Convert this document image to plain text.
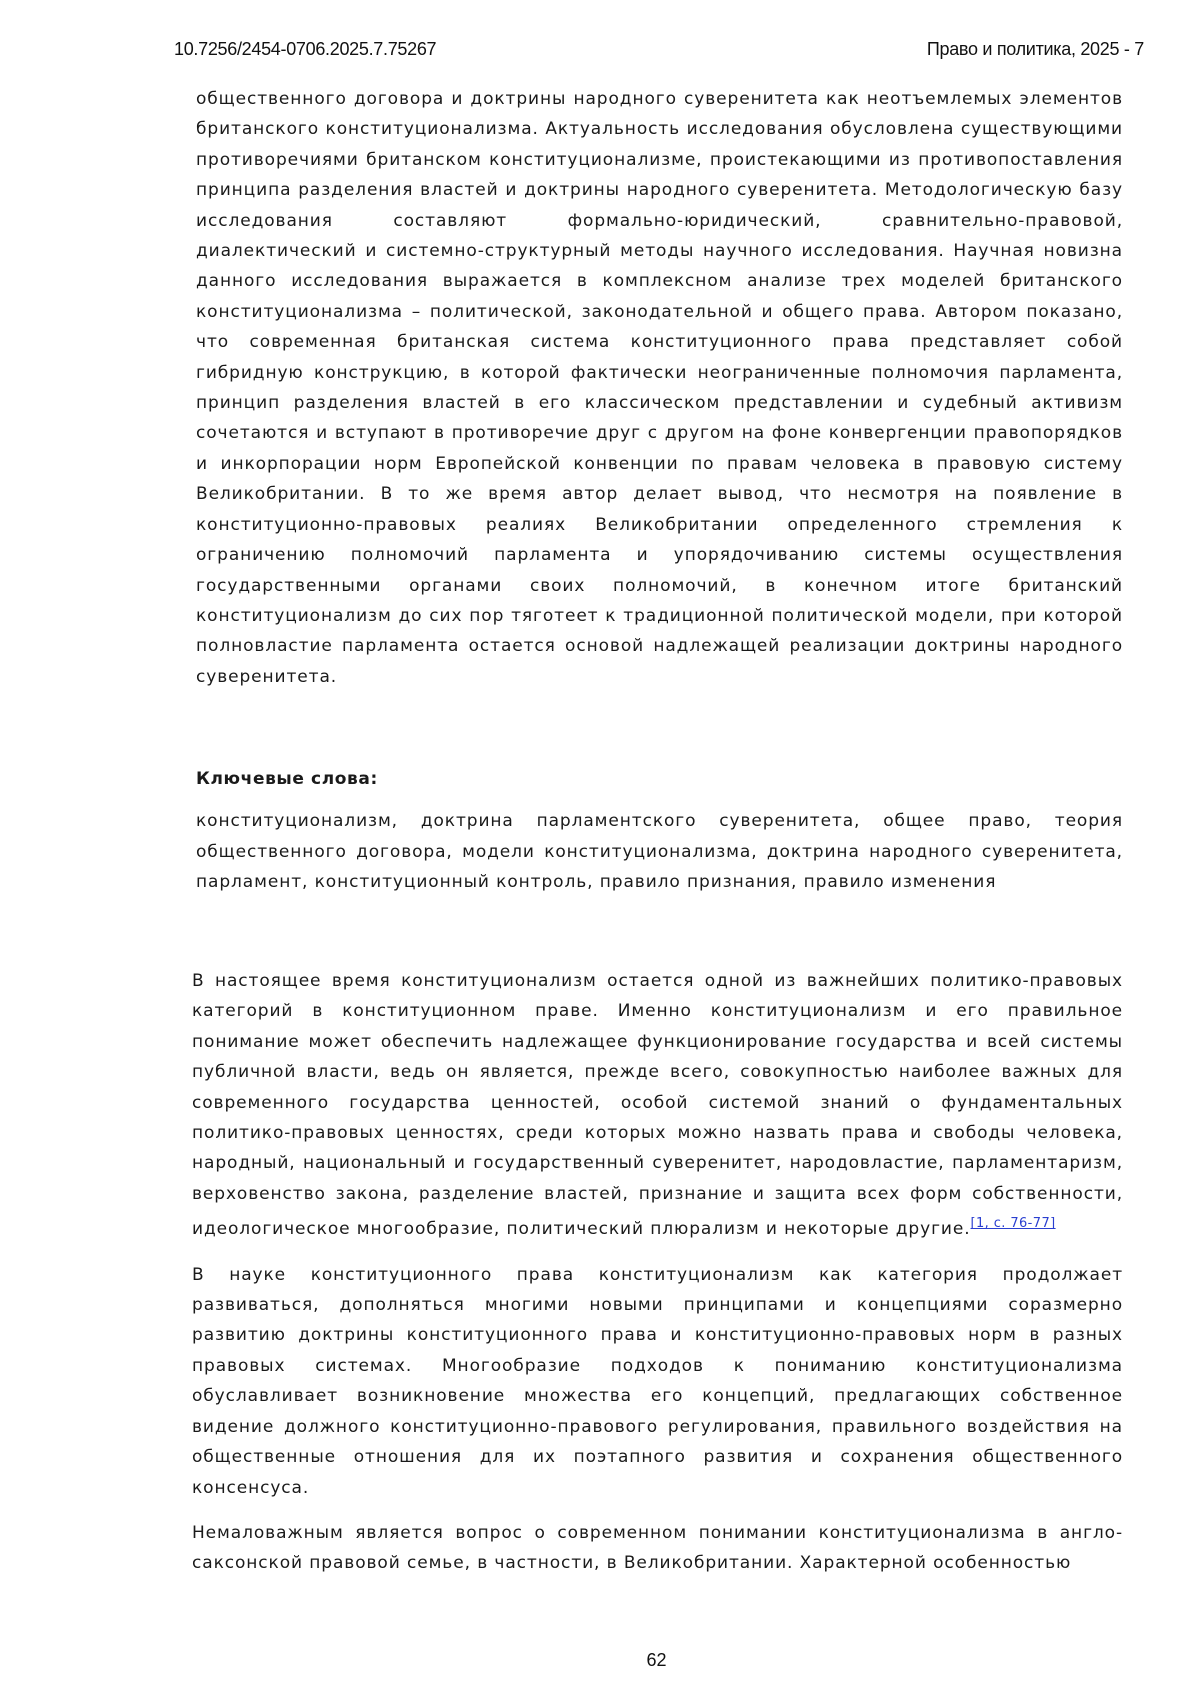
10.7256/2454-0706.2025.7.75267	Право и политика, 2025 - 7

общественного договора и доктрины народного суверенитета как неотъемлемых элементов британского конституционализма. Актуальность исследования обусловлена существующими противоречиями британском конституционализме, проистекающими из противопоставления принципа разделения властей и доктрины народного суверенитета. Методологическую базу исследования составляют формально-юридический, сравнительно-правовой, диалектический и системно-структурный методы научного исследования. Научная новизна данного исследования выражается в комплексном анализе трех моделей британского конституционализма – политической, законодательной и общего права. Автором показано, что современная британская система конституционного права представляет собой гибридную конструкцию, в которой фактически неограниченные полномочия парламента, принцип разделения властей в его классическом представлении и судебный активизм сочетаются и вступают в противоречие друг с другом на фоне конвергенции правопорядков и инкорпорации норм Европейской конвенции по правам человека в правовую систему Великобритании. В то же время автор делает вывод, что несмотря на появление в конституционно-правовых реалиях Великобритании определенного стремления к ограничению полномочий парламента и упорядочиванию системы осуществления государственными органами своих полномочий, в конечном итоге британский конституционализм до сих пор тяготеет к традиционной политической модели, при которой полновластие парламента остается основой надлежащей реализации доктрины народного суверенитета.

Ключевые слова:

конституционализм, доктрина парламентского суверенитета, общее право, теория общественного договора, модели конституционализма, доктрина народного суверенитета, парламент, конституционный контроль, правило признания, правило изменения

В настоящее время конституционализм остается одной из важнейших политико-правовых категорий в конституционном праве. Именно конституционализм и его правильное понимание может обеспечить надлежащее функционирование государства и всей системы публичной власти, ведь он является, прежде всего, совокупностью наиболее важных для современного государства ценностей, особой системой знаний о фундаментальных политико-правовых ценностях, среди которых можно назвать права и свободы человека, народный, национальный и государственный суверенитет, народовластие, парламентаризм, верховенство закона, разделение властей, признание и защита всех форм собственности, идеологическое многообразие, политический плюрализм и некоторые другие.[1, с. 76-77]

В науке конституционного права конституционализм как категория продолжает развиваться, дополняться многими новыми принципами и концепциями соразмерно развитию доктрины конституционного права и конституционно-правовых норм в разных правовых системах. Многообразие подходов к пониманию конституционализма обуславливает возникновение множества его концепций, предлагающих собственное видение должного конституционно-правового регулирования, правильного воздействия на общественные отношения для их поэтапного развития и сохранения общественного консенсуса.

Немаловажным является вопрос о современном понимании конституционализма в англо-саксонской правовой семье, в частности, в Великобритании. Характерной особенностью

62
